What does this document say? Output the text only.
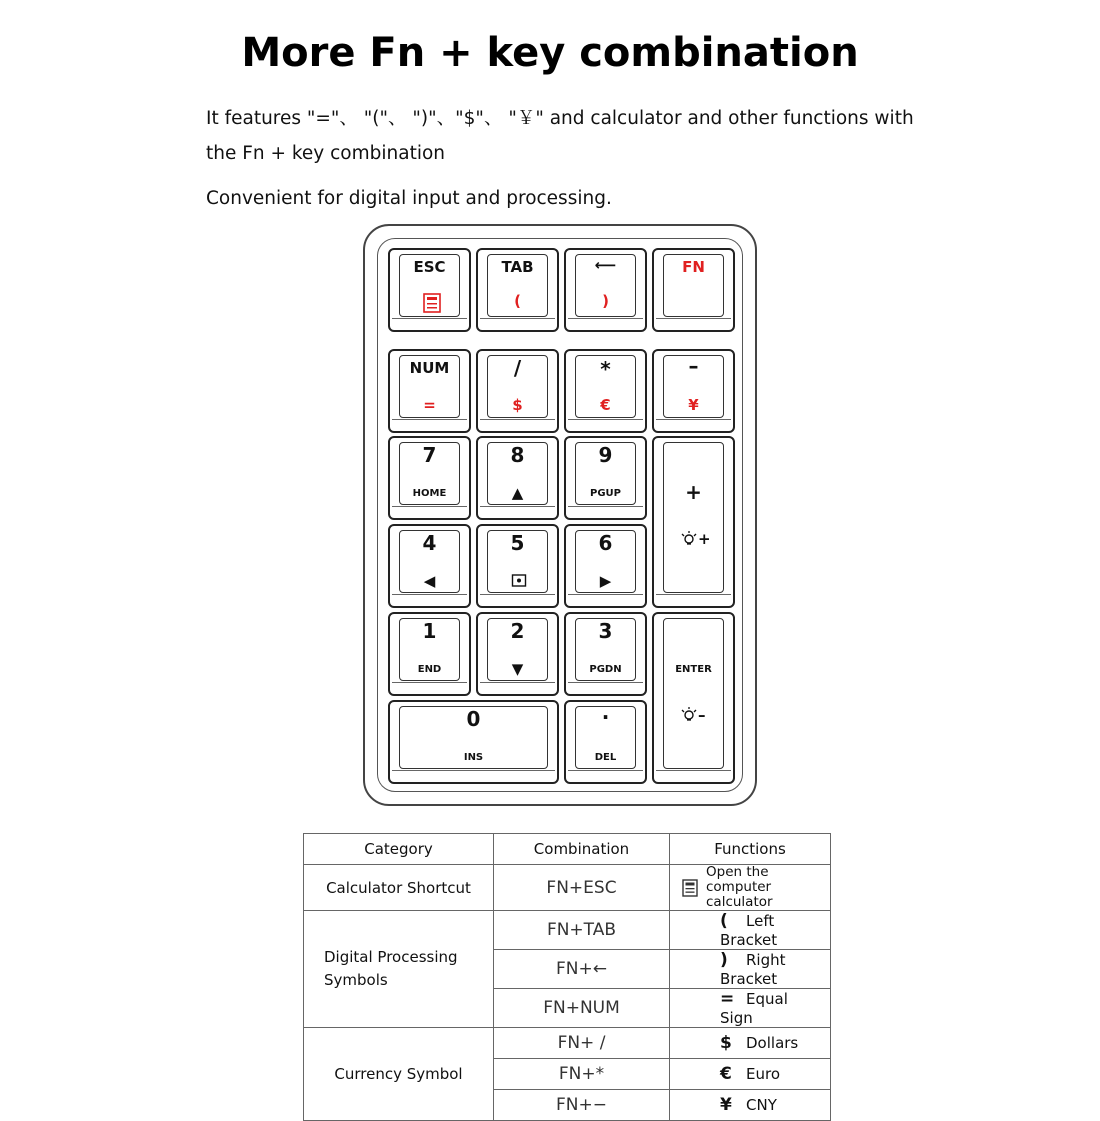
More Fn + key combination
It features "="、 "("、 ")"、"$"、 "￥" and calculator and other functions with
the Fn + key combination
Convenient for digital input and processing.
ESC	TAB
(
⟵
)
FN
NUM
=
/
$
*
€
–
¥
7
HOME
8
▲
9
PGUP	+
+
4
◀
5	6
▶
1
END
2
▼
3
PGDN	ENTER
–
0
INS
·
DEL
Category	Combination	Functions
Calculator Shortcut	FN+ESC	Open the computer
calculator

Digital Processing
Symbols	FN+TAB	( Left Bracket
	FN+←	) Right Bracket
	FN+NUM	= Equal Sign
Currency Symbol	FN+ /	$ Dollars
	FN+*	€ Euro
	FN+−	¥ CNY
